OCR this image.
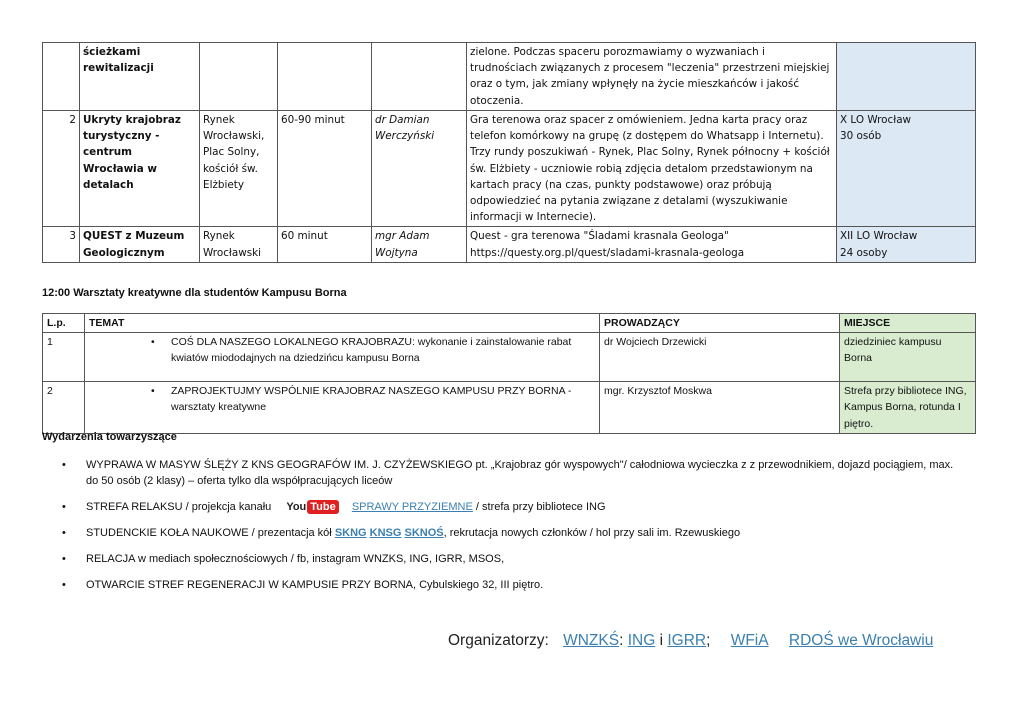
	ścieżkami rewitalizacji				zielone. Podczas spaceru porozmawiamy o wyzwaniach i trudnościach związanych z procesem "leczenia" przestrzeni miejskiej oraz o tym, jak zmiany wpłynęły na życie mieszkańców i jakość otoczenia.	
2	Ukryty krajobraz turystyczny - centrum Wrocławia w detalach	Rynek Wrocławski, Plac Solny, kościół św. Elżbiety	60-90 minut	dr Damian Werczyński	Gra terenowa oraz spacer z omówieniem. Jedna karta pracy oraz telefon komórkowy na grupę (z dostępem do Whatsapp i Internetu). Trzy rundy poszukiwań - Rynek, Plac Solny, Rynek północny + kościół św. Elżbiety - uczniowie robią zdjęcia detalom przedstawionym na kartach pracy (na czas, punkty podstawowe) oraz próbują odpowiedzieć na pytania związane z detalami (wyszukiwanie informacji w Internecie).	X LO Wrocław
30 osób

3	QUEST z Muzeum Geologicznym	Rynek Wrocławski	60 minut	mgr Adam Wojtyna	Quest - gra terenowa "Śladami krasnala Geologa" https://questy.org.pl/quest/sladami-krasnala-geologa	XII LO Wrocław
24 osoby
12:00 Warsztaty kreatywne dla studentów Kampusu Borna
L.p.	TEMAT	PROWADZĄCY	MIEJSCE
1	• COŚ DLA NASZEGO LOKALNEGO KRAJOBRAZU: wykonanie i zainstalowanie rabat kwiatów miododajnych na dziedzińcu kampusu Borna	dr Wojciech Drzewicki	dziedziniec kampusu Borna
2	• ZAPROJEKTUJMY WSPÓLNIE KRAJOBRAZ NASZEGO KAMPUSU PRZY BORNA - warsztaty kreatywne	mgr. Krzysztof Moskwa	Strefa przy bibliotece ING, Kampus Borna, rotunda I piętro.
Wydarzenia towarzyszące
• WYPRAWA W MASYW ŚLĘŻY Z KNS GEOGRAFÓW IM. J. CZYŻEWSKIEGO pt. „Krajobraz gór wyspowych"/ całodniowa wycieczka z z przewodnikiem, dojazd pociągiem, max. do 50 osób (2 klasy) – oferta tylko dla współpracujących liceów
• STREFA RELAKSU / projekcja kanału You Tube SPRAWY PRZYZIEMNE / strefa przy bibliotece ING
• STUDENCKIE KOŁA NAUKOWE / prezentacja kół SKNG KNSG SKNOŚ, rekrutacja nowych członków / hol przy sali im. Rzewuskiego
• RELACJA w mediach społecznościowych / fb, instagram WNZKS, ING, IGRR, MSOS,
• OTWARCIE STREF REGENERACJI W KAMPUSIE PRZY BORNA, Cybulskiego 32, III piętro.
Organizatorzy: WNZKŚ: ING i IGRR; WFiA RDOŚ we Wrocławiu
